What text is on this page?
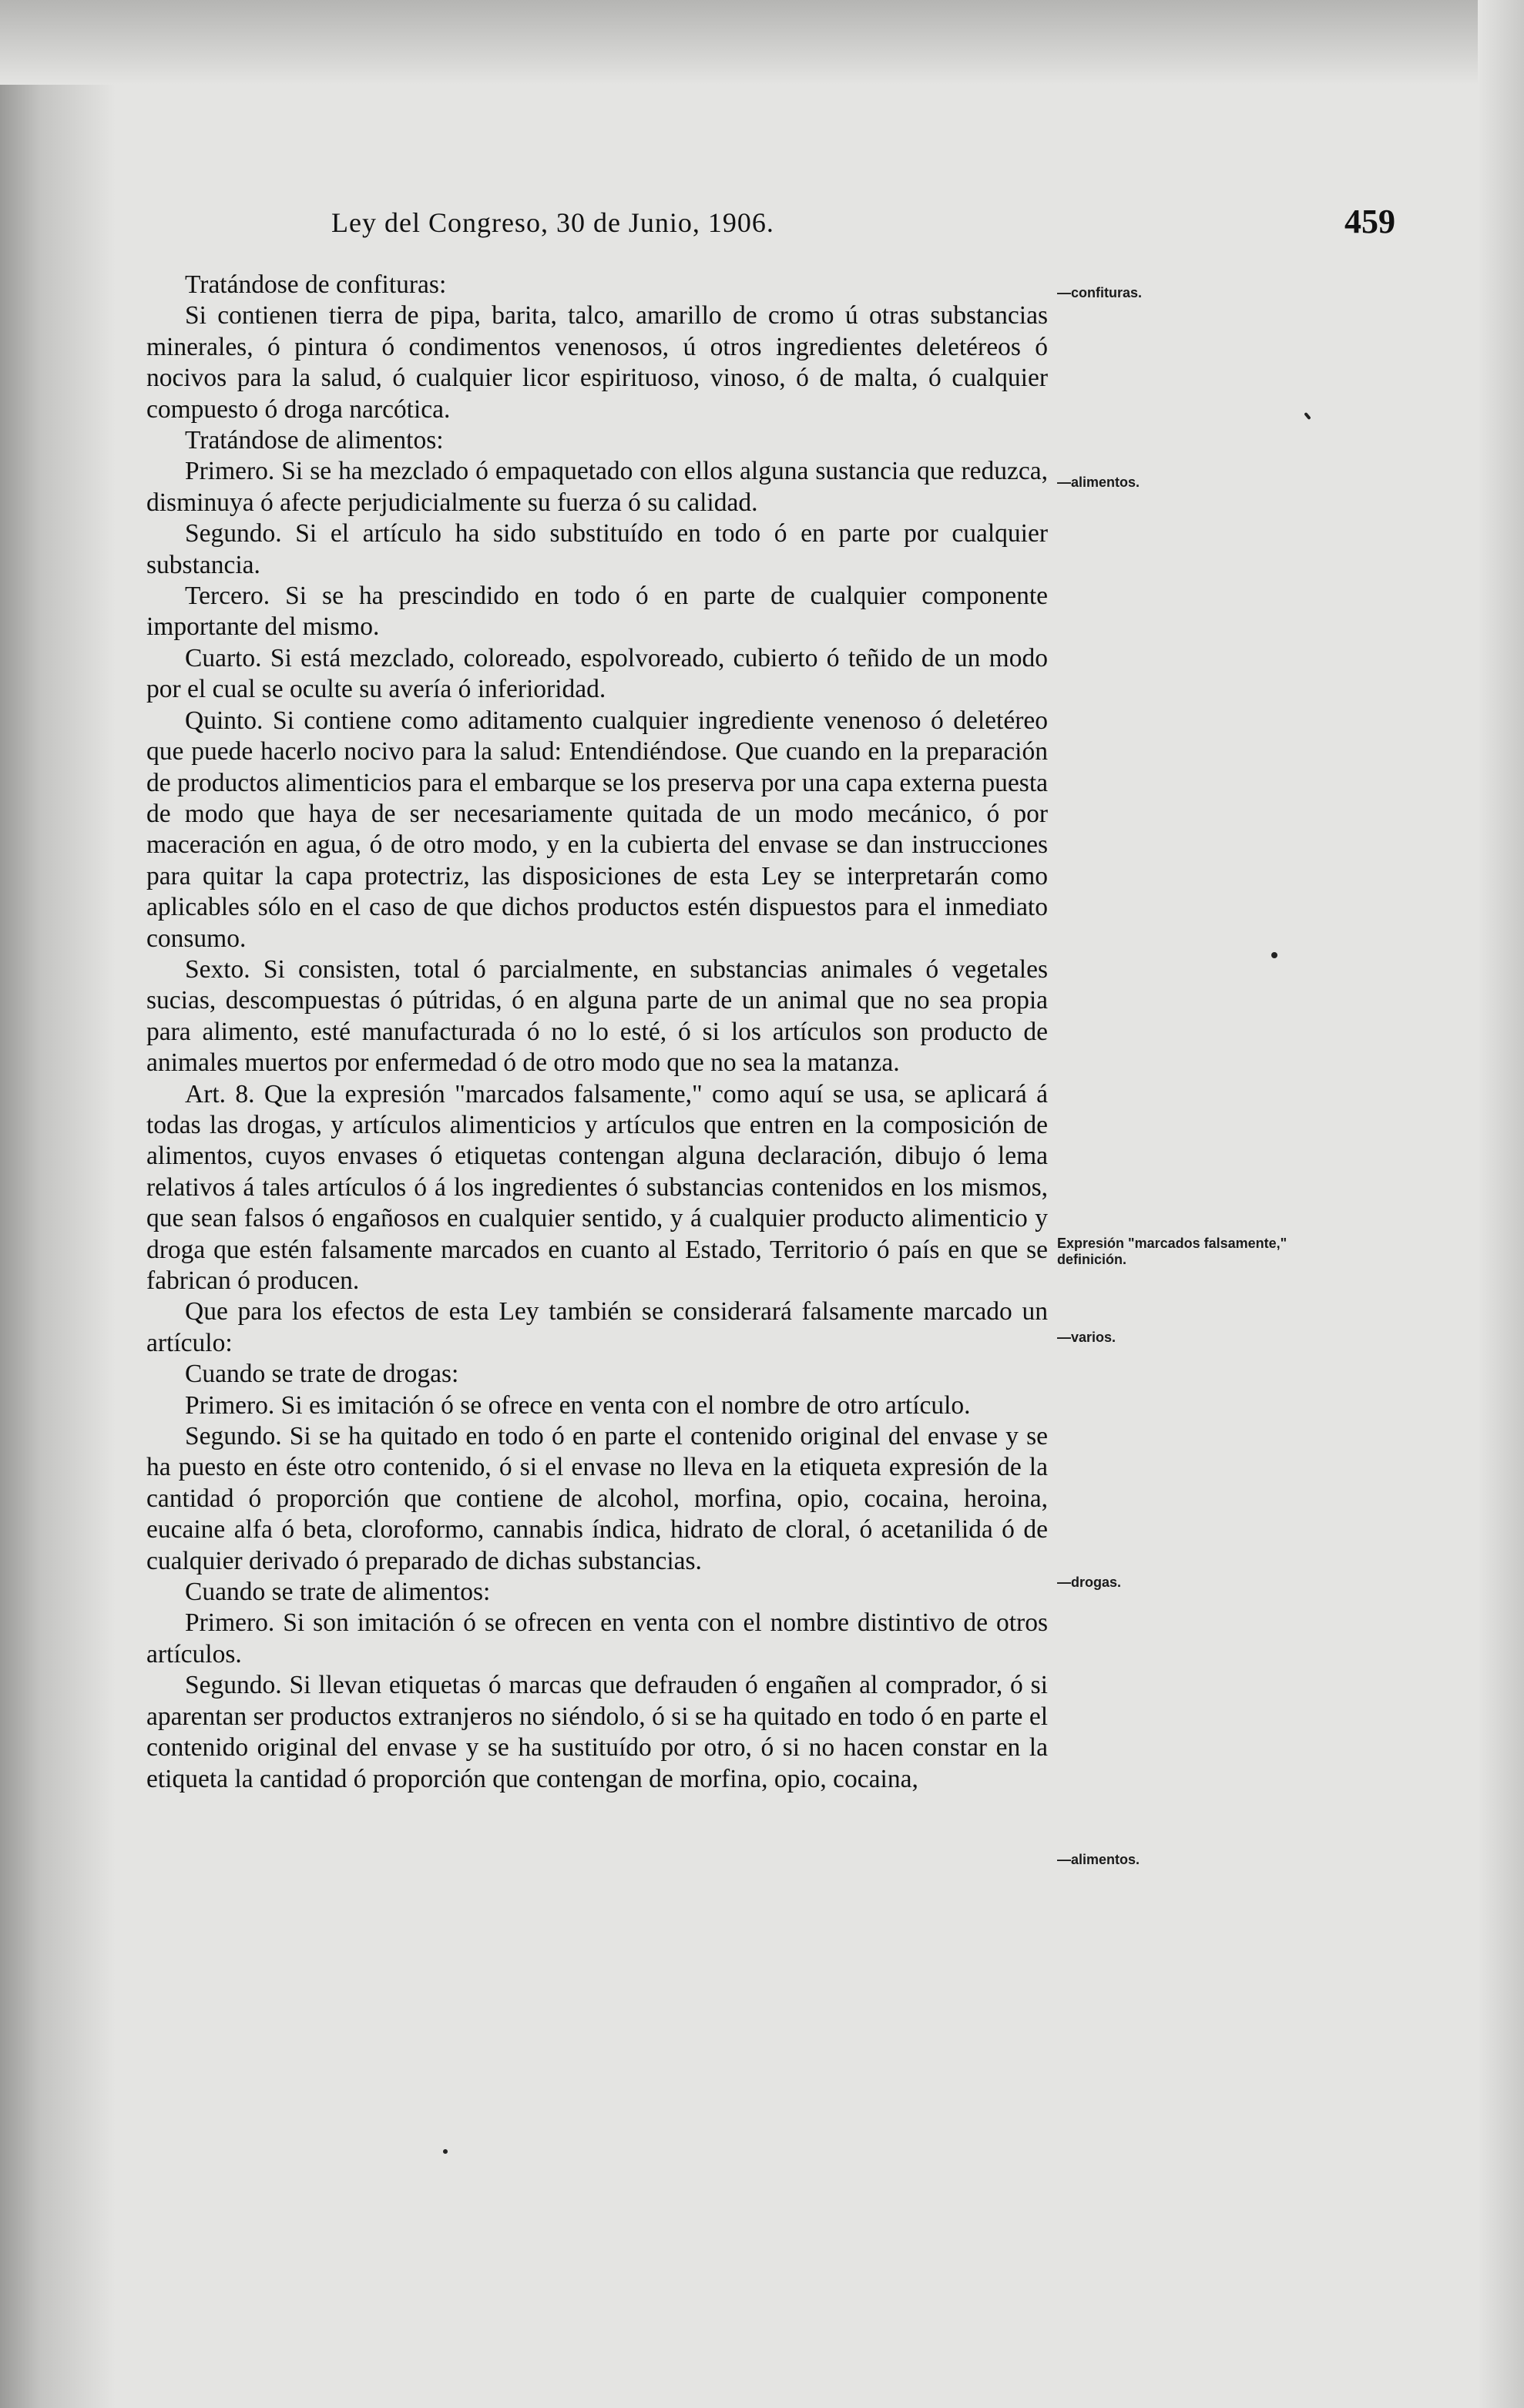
Ley del Congreso, 30 de Junio, 1906.	459

Tratándose de confituras:

Si contienen tierra de pipa, barita, talco, amarillo de cromo ú otras substancias minerales, ó pintura ó condimentos venenosos, ú otros ingredientes deletéreos ó nocivos para la salud, ó cualquier licor espirituoso, vinoso, ó de malta, ó cualquier compuesto ó droga narcótica.

Tratándose de alimentos:

Primero. Si se ha mezclado ó empaquetado con ellos alguna sustancia que reduzca, disminuya ó afecte perjudicialmente su fuerza ó su calidad.

Segundo. Si el artículo ha sido substituído en todo ó en parte por cualquier substancia.

Tercero. Si se ha prescindido en todo ó en parte de cualquier componente importante del mismo.

Cuarto. Si está mezclado, coloreado, espolvoreado, cubierto ó teñido de un modo por el cual se oculte su avería ó inferioridad.

Quinto. Si contiene como aditamento cualquier ingrediente venenoso ó deletéreo que puede hacerlo nocivo para la salud: Entendiéndose. Que cuando en la preparación de productos alimenticios para el embarque se los preserva por una capa externa puesta de modo que haya de ser necesariamente quitada de un modo mecánico, ó por maceración en agua, ó de otro modo, y en la cubierta del envase se dan instrucciones para quitar la capa protectriz, las disposiciones de esta Ley se interpretarán como aplicables sólo en el caso de que dichos productos estén dispuestos para el inmediato consumo.

Sexto. Si consisten, total ó parcialmente, en substancias animales ó vegetales sucias, descompuestas ó pútridas, ó en alguna parte de un animal que no sea propia para alimento, esté manufacturada ó no lo esté, ó si los artículos son producto de animales muertos por enfermedad ó de otro modo que no sea la matanza.

Art. 8. Que la expresión "marcados falsamente," como aquí se usa, se aplicará á todas las drogas, y artículos alimenticios y artículos que entren en la composición de alimentos, cuyos envases ó etiquetas contengan alguna declaración, dibujo ó lema relativos á tales artículos ó á los ingredientes ó substancias contenidos en los mismos, que sean falsos ó engañosos en cualquier sentido, y á cualquier producto alimenticio y droga que estén falsamente marcados en cuanto al Estado, Territorio ó país en que se fabrican ó producen.

Que para los efectos de esta Ley también se considerará falsamente marcado un artículo:

Cuando se trate de drogas:

Primero. Si es imitación ó se ofrece en venta con el nombre de otro artículo.

Segundo. Si se ha quitado en todo ó en parte el contenido original del envase y se ha puesto en éste otro contenido, ó si el envase no lleva en la etiqueta expresión de la cantidad ó proporción que contiene de alcohol, morfina, opio, cocaina, heroina, eucaine alfa ó beta, cloroformo, cannabis índica, hidrato de cloral, ó acetanilida ó de cualquier derivado ó preparado de dichas substancias.

Cuando se trate de alimentos:

Primero. Si son imitación ó se ofrecen en venta con el nombre distintivo de otros artículos.

Segundo. Si llevan etiquetas ó marcas que defrauden ó engañen al comprador, ó si aparentan ser productos extranjeros no siéndolo, ó si se ha quitado en todo ó en parte el contenido original del envase y se ha sustituído por otro, ó si no hacen constar en la etiqueta la cantidad ó proporción que contengan de morfina, opio, cocaina,

—confituras.
—alimentos.
Expresión "marcados falsamente," definición.
—varios.
—drogas.
—alimentos.
